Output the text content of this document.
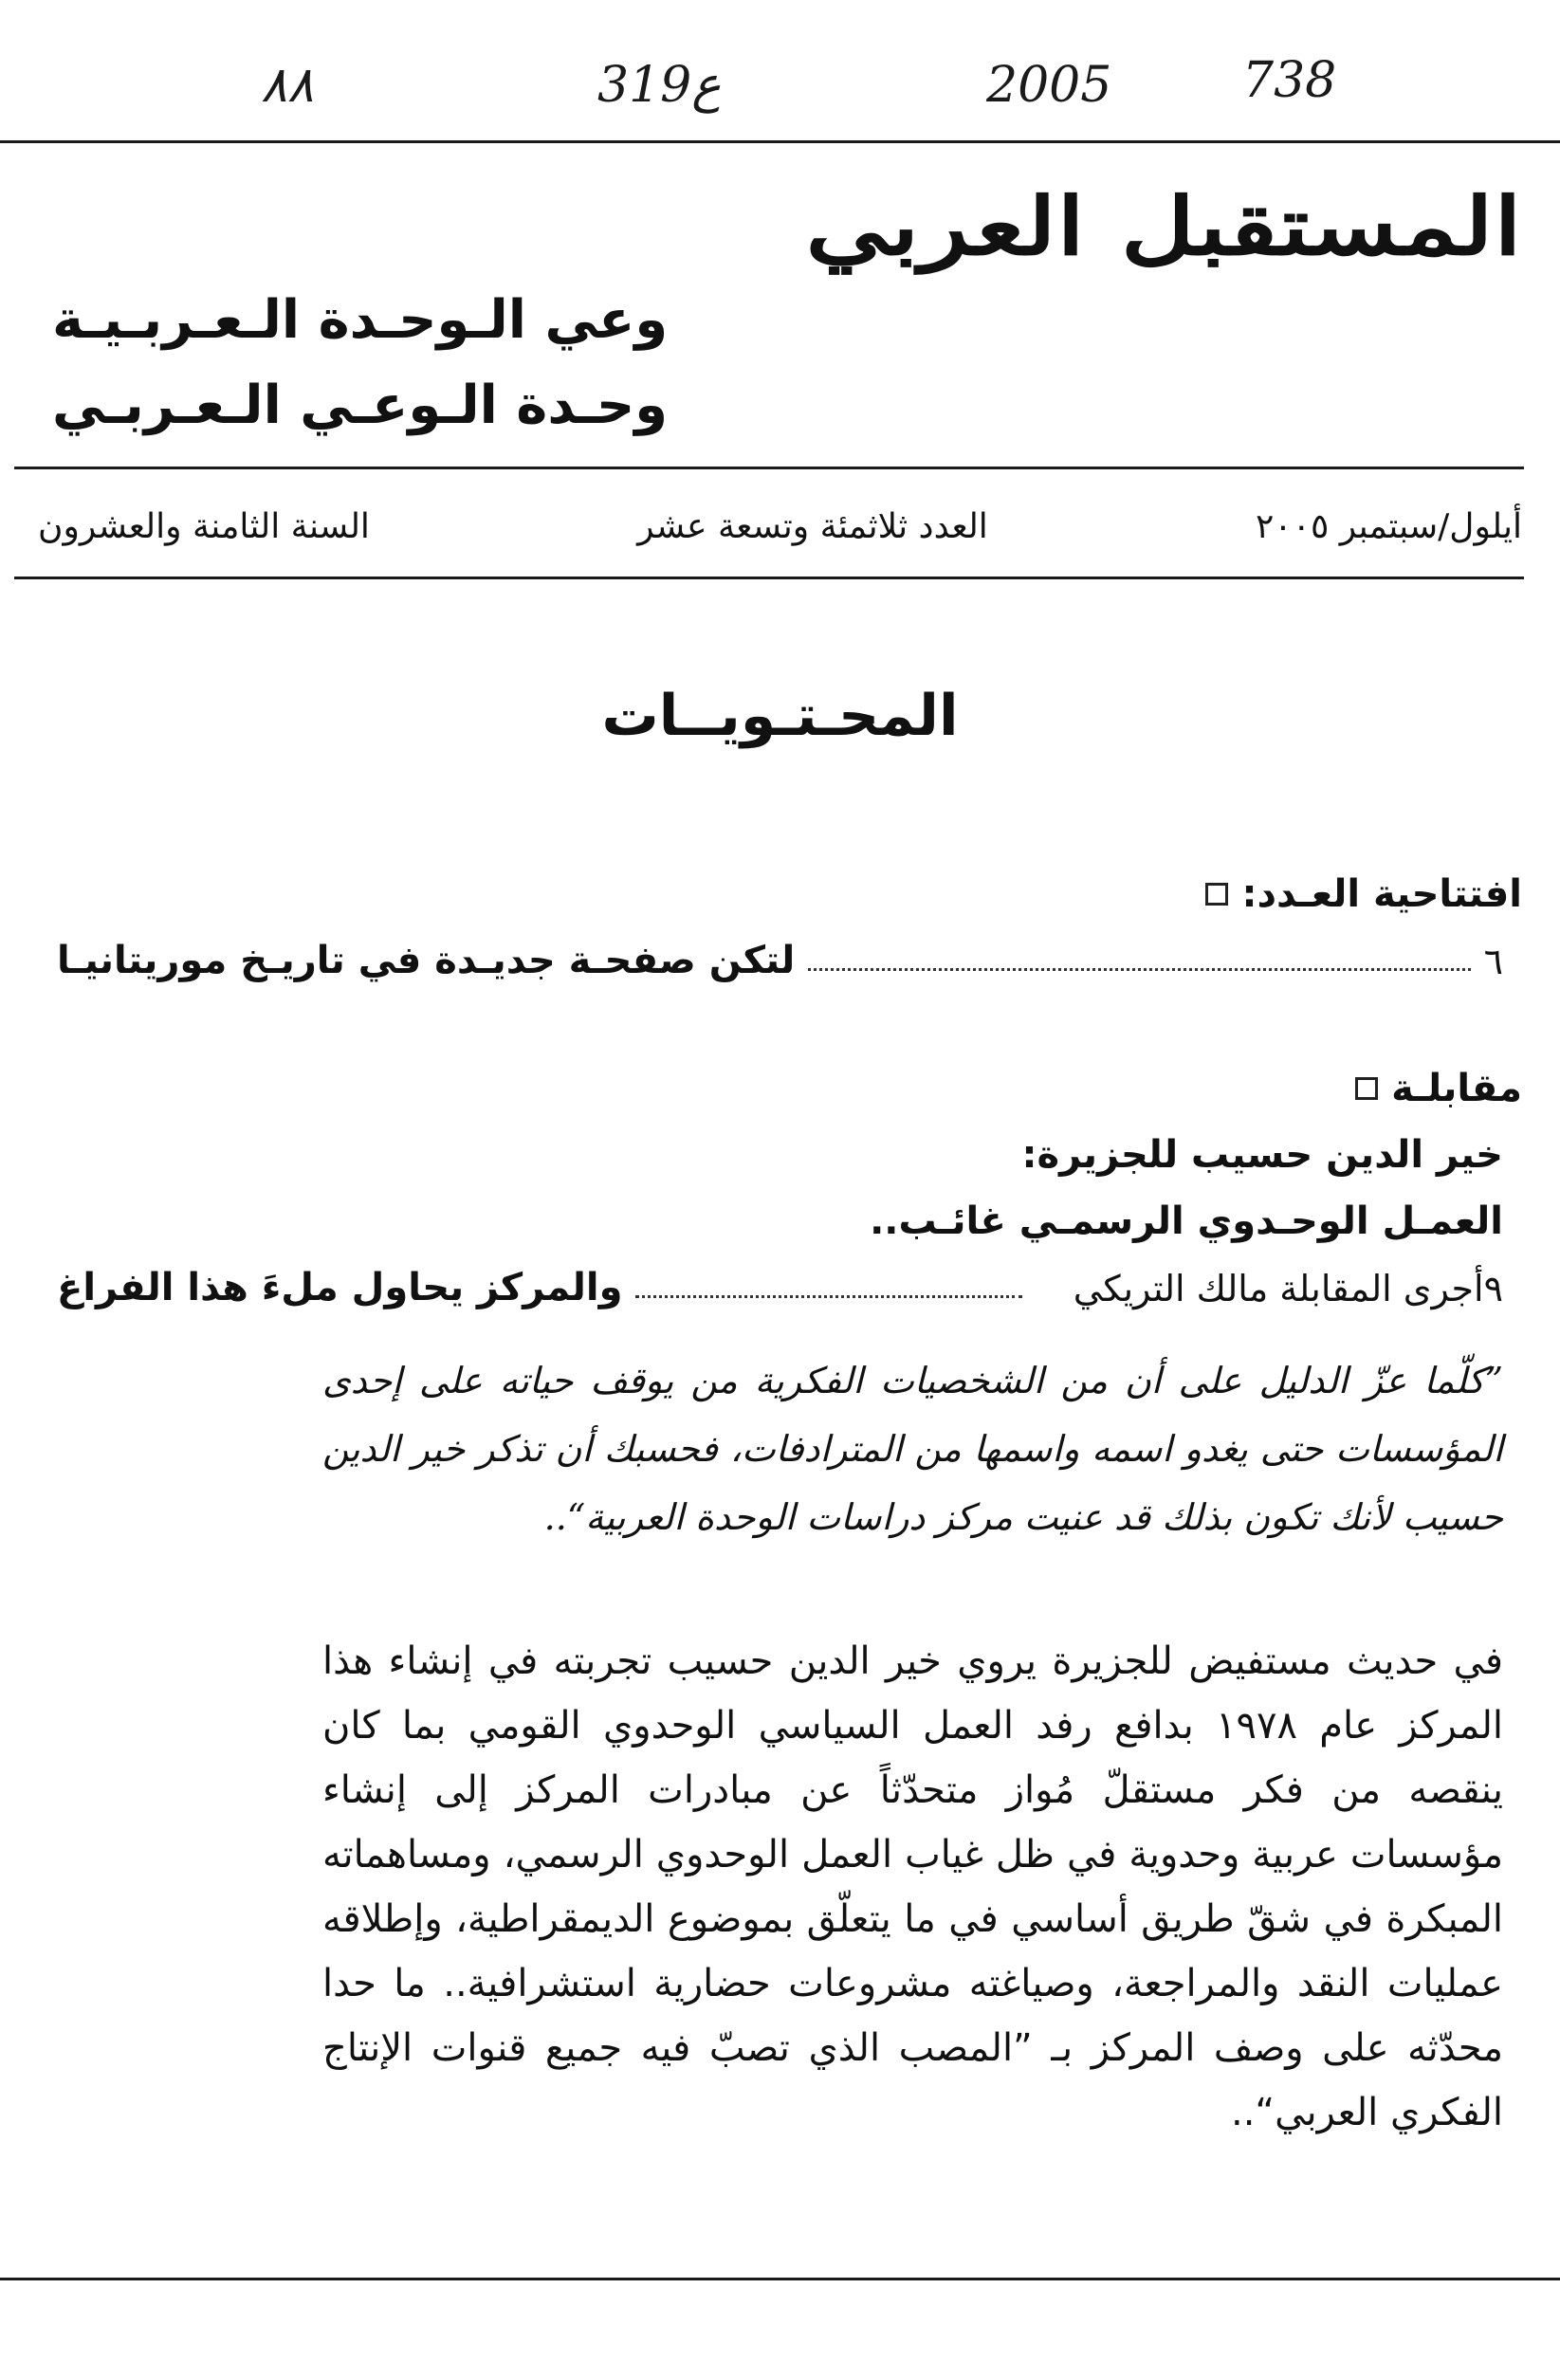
۸۸	319ع	2005	738
المستقبل العربي
وعي الـوحـدة الـعـربـيـة
وحـدة الـوعـي الـعـربـي
السنة الثامنة والعشرون	العدد ثلاثمئة وتسعة عشر	أيلول/سبتمبر ٢٠٠٥
المحـتـويــات
افتتاحية العـدد:
لتكن صفحـة جديـدة في تاريـخ موريتانيـا	٦
مقابلـة
خير الدين حسيب للجزيرة:
العمـل الوحـدوي الرسمـي غائـب..
والمركز يحاول ملءَ هذا الفراغ	أجرى المقابلة مالك التريكي ٩
”كلّما عزّ الدليل على أن من الشخصيات الفكرية من يوقف حياته على إحدى المؤسسات حتى يغدو اسمه واسمها من المترادفات، فحسبك أن تذكر خير الدين حسيب لأنك تكون بذلك قد عنيت مركز دراسات الوحدة العربية“..
في حديث مستفيض للجزيرة يروي خير الدين حسيب تجربته في إنشاء هذا المركز عام ١٩٧٨ بدافع رفد العمل السياسي الوحدوي القومي بما كان ينقصه من فكر مستقلّ مُواز متحدّثاً عن مبادرات المركز إلى إنشاء مؤسسات عربية وحدوية في ظل غياب العمل الوحدوي الرسمي، ومساهماته المبكرة في شقّ طريق أساسي في ما يتعلّق بموضوع الديمقراطية، وإطلاقه عمليات النقد والمراجعة، وصياغته مشروعات حضارية استشرافية.. ما حدا محدّثه على وصف المركز بـ ”المصب الذي تصبّ فيه جميع قنوات الإنتاج الفكري العربي“..
